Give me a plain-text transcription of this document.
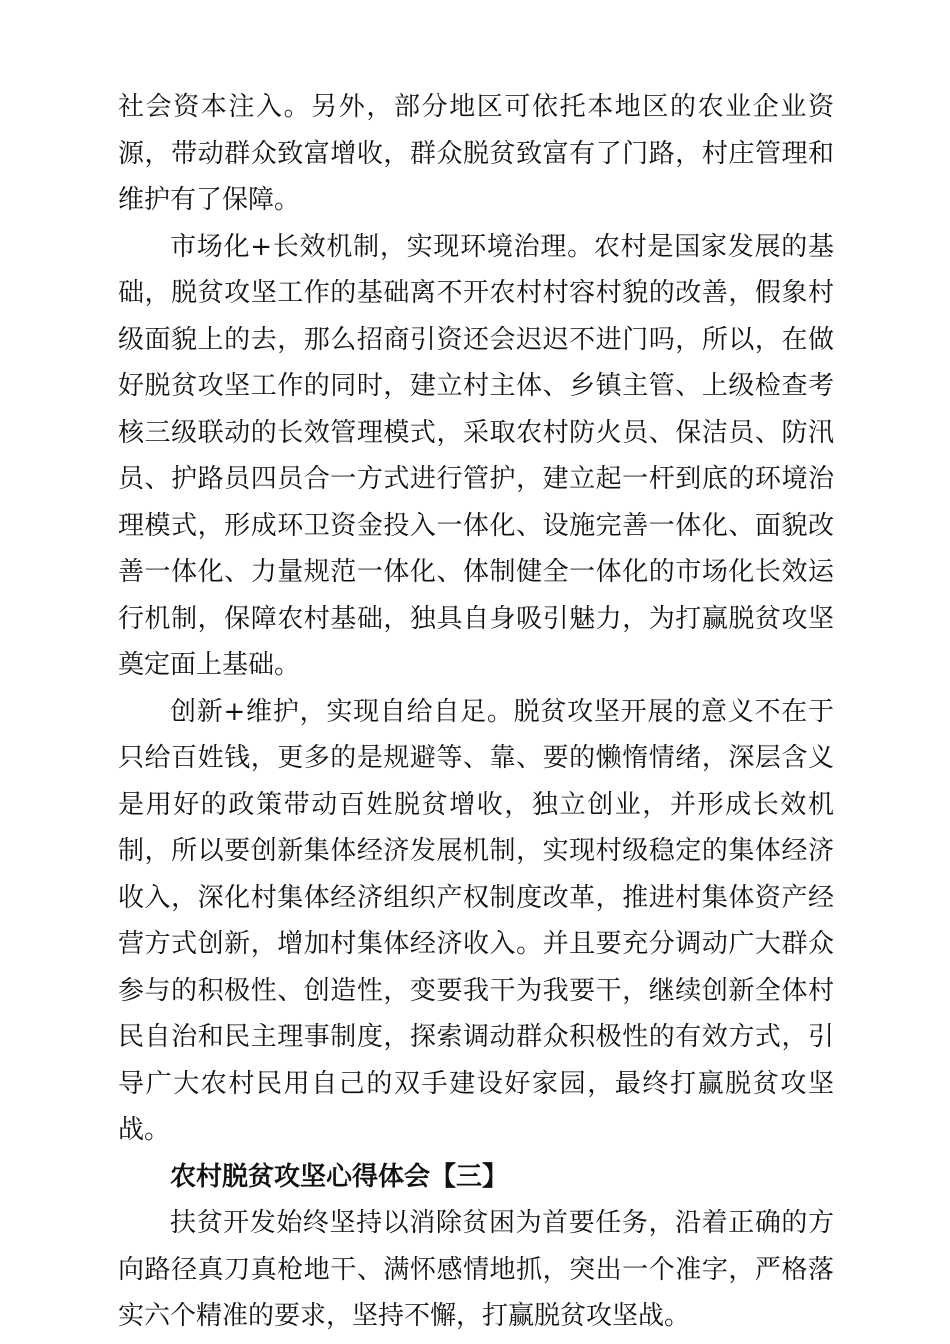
社会资本注入。另外，部分地区可依托本地区的农业企业资源，带动群众致富增收，群众脱贫致富有了门路，村庄管理和维护有了保障。

市场化+长效机制，实现环境治理。农村是国家发展的基础，脱贫攻坚工作的基础离不开农村村容村貌的改善，假象村级面貌上的去，那么招商引资还会迟迟不进门吗，所以，在做好脱贫攻坚工作的同时，建立村主体、乡镇主管、上级检查考核三级联动的长效管理模式，采取农村防火员、保洁员、防汛员、护路员四员合一方式进行管护，建立起一杆到底的环境治理模式，形成环卫资金投入一体化、设施完善一体化、面貌改善一体化、力量规范一体化、体制健全一体化的市场化长效运行机制，保障农村基础，独具自身吸引魅力，为打赢脱贫攻坚奠定面上基础。

创新+维护，实现自给自足。脱贫攻坚开展的意义不在于只给百姓钱，更多的是规避等、靠、要的懒惰情绪，深层含义是用好的政策带动百姓脱贫增收，独立创业，并形成长效机制，所以要创新集体经济发展机制，实现村级稳定的集体经济收入，深化村集体经济组织产权制度改革，推进村集体资产经营方式创新，增加村集体经济收入。并且要充分调动广大群众参与的积极性、创造性，变要我干为我要干，继续创新全体村民自治和民主理事制度，探索调动群众积极性的有效方式，引导广大农村民用自己的双手建设好家园，最终打赢脱贫攻坚战。

农村脱贫攻坚心得体会【三】

扶贫开发始终坚持以消除贫困为首要任务，沿着正确的方向路径真刀真枪地干、满怀感情地抓，突出一个准字，严格落实六个精准的要求，坚持不懈，打赢脱贫攻坚战。
